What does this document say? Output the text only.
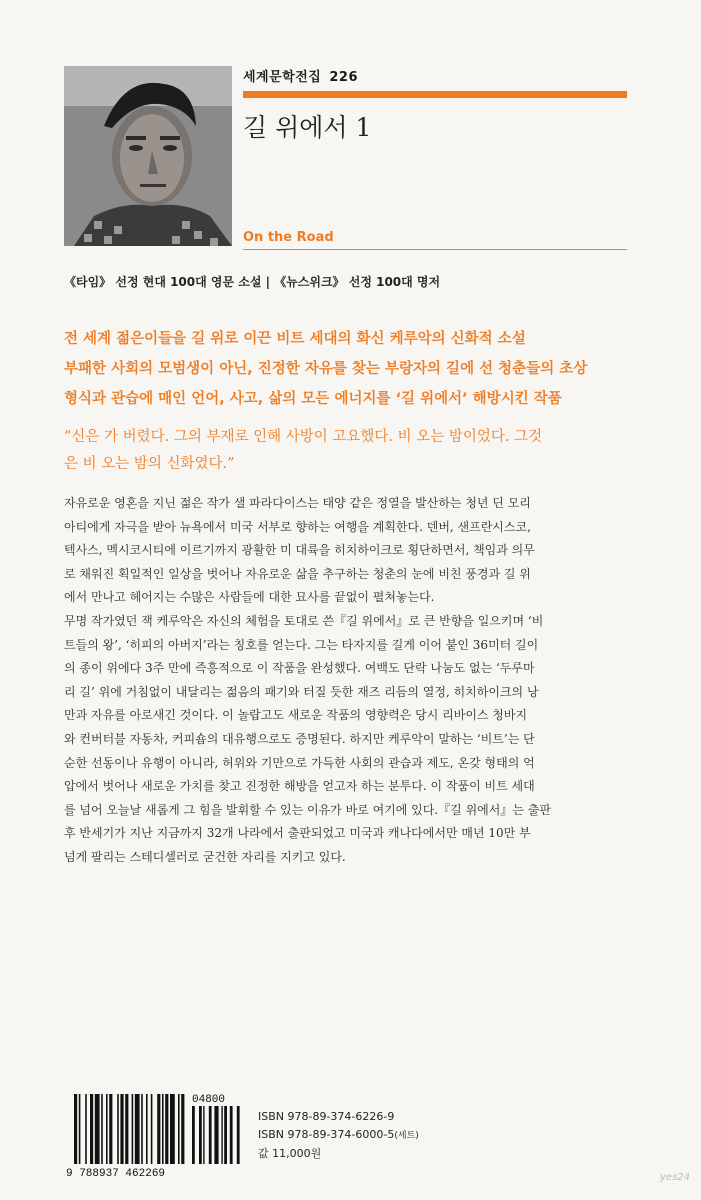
세계문학전집 226
길 위에서 1
On the Road
《타임》 선정 현대 100대 영문 소설 | 《뉴스위크》 선정 100대 명저
전 세계 젊은이들을 길 위로 이끈 비트 세대의 화신 케루악의 신화적 소설
부패한 사회의 모범생이 아닌, 진정한 자유를 찾는 부랑자의 길에 선 청춘들의 초상
형식과 관습에 매인 언어, 사고, 삶의 모든 에너지를 ‘길 위에서’ 해방시킨 작품
“신은 가 버렸다. 그의 부재로 인해 사방이 고요했다. 비 오는 밤이었다. 그것
은 비 오는 밤의 신화였다.”
자유로운 영혼을 지닌 젊은 작가 샐 파라다이스는 태양 같은 정열을 발산하는 청년 딘 모리
아티에게 자극을 받아 뉴욕에서 미국 서부로 향하는 여행을 계획한다. 덴버, 샌프란시스코,
텍사스, 멕시코시티에 이르기까지 광활한 미 대륙을 히치하이크로 횡단하면서, 책임과 의무
로 채워진 획일적인 일상을 벗어나 자유로운 삶을 추구하는 청춘의 눈에 비친 풍경과 길 위
에서 만나고 헤어지는 수많은 사람들에 대한 묘사를 끝없이 펼쳐놓는다.
무명 작가였던 잭 케루악은 자신의 체험을 토대로 쓴『길 위에서』로 큰 반향을 일으키며 ‘비
트들의 왕’, ‘히피의 아버지’라는 칭호를 얻는다. 그는 타자지를 길게 이어 붙인 36미터 길이
의 종이 위에다 3주 만에 즉흥적으로 이 작품을 완성했다. 여백도 단락 나눔도 없는 ‘두루마
리 길’ 위에 거침없이 내달리는 젊음의 패기와 터질 듯한 재즈 리듬의 열정, 히치하이크의 낭
만과 자유를 아로새긴 것이다. 이 놀랍고도 새로운 작품의 영향력은 당시 리바이스 청바지
와 컨버터블 자동차, 커피숍의 대유행으로도 증명된다. 하지만 케루악이 말하는 ‘비트’는 단
순한 선동이나 유행이 아니라, 허위와 기만으로 가득한 사회의 관습과 제도, 온갖 형태의 억
압에서 벗어나 새로운 가치를 찾고 진정한 해방을 얻고자 하는 분투다. 이 작품이 비트 세대
를 넘어 오늘날 새롭게 그 힘을 발휘할 수 있는 이유가 바로 여기에 있다.『길 위에서』는 출판
후 반세기가 지난 지금까지 32개 나라에서 출판되었고 미국과 캐나다에서만 매년 10만 부
넘게 팔리는 스테디셀러로 굳건한 자리를 지키고 있다.
04800
9 788937 462269
ISBN 978-89-374-6226-9
ISBN 978-89-374-6000-5(세트)
값 11,000원
yes24
